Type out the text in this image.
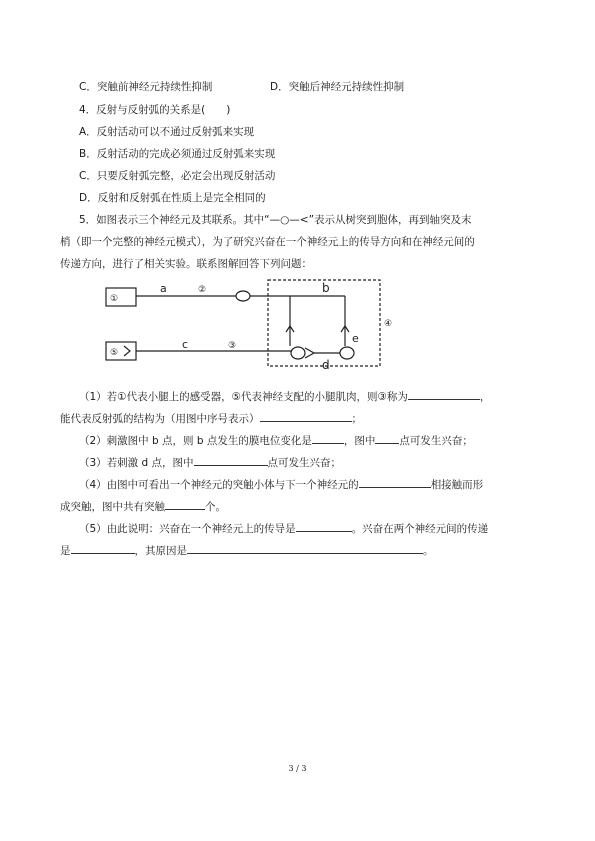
C．突触前神经元持续性抑制	D．突触后神经元持续性抑制
4．反射与反射弧的关系是(　　)
A．反射活动可以不通过反射弧来实现
B．反射活动的完成必须通过反射弧来实现
C．只要反射弧完整，必定会出现反射活动
D．反射和反射弧在性质上是完全相同的
5．如图表示三个神经元及其联系。其中“—○—<”表示从树突到胞体，再到轴突及末
梢（即一个完整的神经元模式），为了研究兴奋在一个神经元上的传导方向和在神经元间的
传递方向，进行了相关实验。联系图解回答下列问题：
①
⑤
a	②	b
c	③
d
e
④
（1）若①代表小腿上的感受器，⑤代表神经支配的小腿肌肉，则③称为	，
能代表反射弧的结构为（用图中序号表示）	；
（2）刺激图中 b 点，则 b 点发生的膜电位变化是	，图中 点可发生兴奋；
（3）若刺激 d 点，图中	点可发生兴奋；
（4）由图中可看出一个神经元的突触小体与下一个神经元的	相接触而形
成突触，图中共有突触	个。
（5）由此说明：兴奋在一个神经元上的传导是	。兴奋在两个神经元间的传递
是	，其原因是	。
3 / 3
